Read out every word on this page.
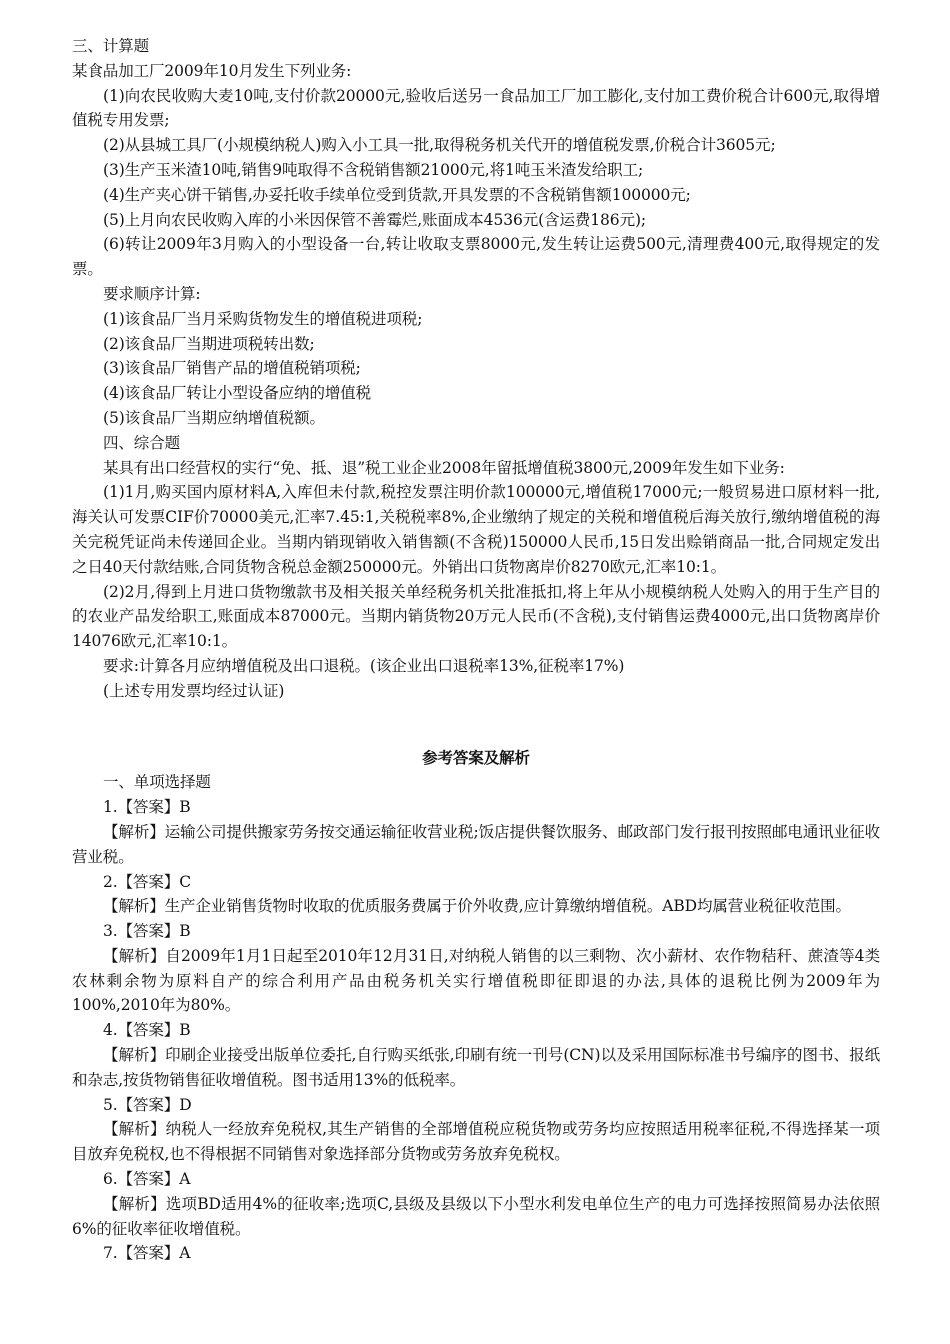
三、计算题

某食品加工厂2009年10月发生下列业务:

(1)向农民收购大麦10吨,支付价款20000元,验收后送另一食品加工厂加工膨化,支付加工费价税合计600元,取得增值税专用发票;

(2)从县城工具厂(小规模纳税人)购入小工具一批,取得税务机关代开的增值税发票,价税合计3605元;

(3)生产玉米渣10吨,销售9吨取得不含税销售额21000元,将1吨玉米渣发给职工;

(4)生产夹心饼干销售,办妥托收手续单位受到货款,开具发票的不含税销售额100000元;

(5)上月向农民收购入库的小米因保管不善霉烂,账面成本4536元(含运费186元);

(6)转让2009年3月购入的小型设备一台,转让收取支票8000元,发生转让运费500元,清理费400元,取得规定的发票。

要求顺序计算:

(1)该食品厂当月采购货物发生的增值税进项税;

(2)该食品厂当期进项税转出数;

(3)该食品厂销售产品的增值税销项税;

(4)该食品厂转让小型设备应纳的增值税

(5)该食品厂当期应纳增值税额。

四、综合题

某具有出口经营权的实行“免、抵、退”税工业企业2008年留抵增值税3800元,2009年发生如下业务:

(1)1月,购买国内原材料A,入库但未付款,税控发票注明价款100000元,增值税17000元;一般贸易进口原材料一批,海关认可发票CIF价70000美元,汇率7.45:1,关税税率8%,企业缴纳了规定的关税和增值税后海关放行,缴纳增值税的海关完税凭证尚未传递回企业。当期内销现销收入销售额(不含税)150000人民币,15日发出赊销商品一批,合同规定发出之日40天付款结账,合同货物含税总金额250000元。外销出口货物离岸价8270欧元,汇率10:1。

(2)2月,得到上月进口货物缴款书及相关报关单经税务机关批准抵扣,将上年从小规模纳税人处购入的用于生产目的的农业产品发给职工,账面成本87000元。当期内销货物20万元人民币(不含税),支付销售运费4000元,出口货物离岸价14076欧元,汇率10:1。

要求:计算各月应纳增值税及出口退税。(该企业出口退税率13%,征税率17%)

(上述专用发票均经过认证)

参考答案及解析

一、单项选择题

1.【答案】B

【解析】运输公司提供搬家劳务按交通运输征收营业税;饭店提供餐饮服务、邮政部门发行报刊按照邮电通讯业征收营业税。

2.【答案】C

【解析】生产企业销售货物时收取的优质服务费属于价外收费,应计算缴纳增值税。ABD均属营业税征收范围。

3.【答案】B

【解析】自2009年1月1日起至2010年12月31日,对纳税人销售的以三剩物、次小薪材、农作物秸秆、蔗渣等4类农林剩余物为原料自产的综合利用产品由税务机关实行增值税即征即退的办法,具体的退税比例为2009年为100%,2010年为80%。

4.【答案】B

【解析】印刷企业接受出版单位委托,自行购买纸张,印刷有统一刊号(CN)以及采用国际标准书号编序的图书、报纸和杂志,按货物销售征收增值税。图书适用13%的低税率。

5.【答案】D

【解析】纳税人一经放弃免税权,其生产销售的全部增值税应税货物或劳务均应按照适用税率征税,不得选择某一项目放弃免税权,也不得根据不同销售对象选择部分货物或劳务放弃免税权。

6.【答案】A

【解析】选项BD适用4%的征收率;选项C,县级及县级以下小型水利发电单位生产的电力可选择按照简易办法依照6%的征收率征收增值税。

7.【答案】A
